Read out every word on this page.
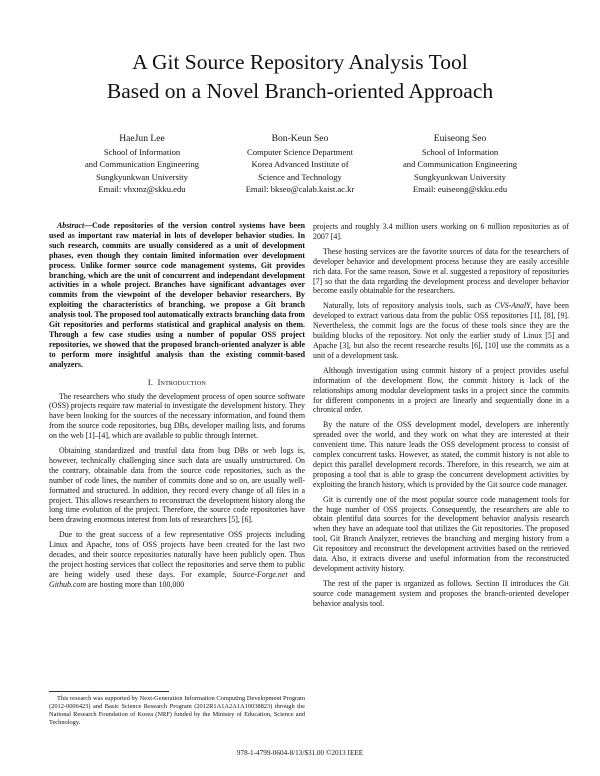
A Git Source Repository Analysis Tool
Based on a Novel Branch-oriented Approach
HaeJun Lee
School of Information
and Communication Engineering
Sungkyunkwan University
Email: vhxmz@skku.edu
Bon-Keun Seo
Computer Science Department
Korea Advanced Institute of
Science and Technology
Email: bkseo@calab.kaist.ac.kr
Euiseong Seo
School of Information
and Communication Engineering
Sungkyunkwan University
Email: euiseong@skku.edu

Abstract—Code repositories of the version control systems have been used as important raw material in lots of developer behavior studies. In such research, commits are usually considered as a unit of development phases, even though they contain limited information over development process. Unlike former source code management systems, Git provides branching, which are the unit of concurrent and independant development activities in a whole project. Branches have significant advantages over commits from the viewpoint of the developer behavior researchers. By exploiting the characteristics of branching, we propose a Git branch analysis tool. The proposed tool automatically extracts branching data from Git repositories and performs statistical and graphical analysis on them. Through a few case studies using a number of popular OSS project repositories, we showed that the proposed branch-oriented analyzer is able to perform more insightful analysis than the existing commit-based analyzers.

I. Introduction

The researchers who study the development process of open source software (OSS) projects require raw material to investigate the development history. They have been looking for the sources of the necessary information, and found them from the source code repositories, bug DBs, developer mailing lists, and forums on the web [1]–[4], which are available to public through Internet.

Obtaining standardized and trustful data from bug DBs or web logs is, however, technically challenging since such data are usually unstructured. On the contrary, obtainable data from the source code repositories, such as the number of code lines, the number of commits done and so on, are usually well-formatted and structured. In addition, they record every change of all files in a project. This allows researchers to reconstruct the development history along the long time evolution of the project. Therefore, the source code repositories have been drawing enormous interest from lots of researchers [5], [6].

Due to the great success of a few representative OSS projects including Linux and Apache, tons of OSS projects have been created for the last two decades, and their source repositories naturally have been publicly open. Thus the project hosting services that collect the repositories and serve them to public are being widely used these days. For example, Source-Forge.net and Github.com are hosting more than 100,000

projects and roughly 3.4 million users working on 6 million repositories as of 2007 [4].

These hosting services are the favorite sources of data for the researchers of developer behavior and development process because they are easily accesible rich data. For the same reason, Sowe et al. suggested a repository of repositories [7] so that the data regarding the development process and developer behavior become easily obtainable for the researchers.

Naturally, lots of repository analysis tools, such as CVS-AnalY, have been developed to extract various data from the public OSS repositories [1], [8], [9]. Nevertheless, the commit logs are the focus of these tools since they are the building blocks of the repository. Not only the earlier study of Linux [5] and Apache [3], but also the recent researche results [6], [10] use the commits as a unit of a development task.

Although investigation using commit history of a project provides useful information of the development flow, the commit history is lack of the relationships among modular development tasks in a project since the commits for different components in a project are linearly and sequentially done in a chronical order.

By the nature of the OSS development model, developers are inherently spreaded over the world, and they work on what they are interested at their convenient time. This nature leads the OSS development process to consist of complex concurrent tasks. However, as stated, the commit history is not able to depict this parallel development records. Therefore, in this research, we aim at proposing a tool that is able to grasp the concurrent development activities by exploiting the branch history, which is provided by the Git source code manager.

Git is currently one of the most popular source code management tools for the huge number of OSS projects. Consequently, the researchers are able to obtain plentiful data sources for the development behavior analysis research when they have an adequate tool that utilizes the Git repositories. The proposed tool, Git Branch Analyzer, retrieves the branching and merging history from a Git repository and reconstruct the development activities based on the retrieved data. Also, it extracts diverse and useful information from the reconstructed development activity history.

The rest of the paper is organized as follows. Section II introduces the Git source code management system and proposes the branch-oriented developer behavior analysis tool.

This research was supported by Next-Generation Information Computing Development Program (2012-0006423) and Basic Science Research Program (2012R1A1A2A1A10038823) through the National Research Foundation of Korea (NRF) funded by the Ministry of Education, Science and Technology.
978-1-4799-0604-8/13/$31.00 ©2013 IEEE
